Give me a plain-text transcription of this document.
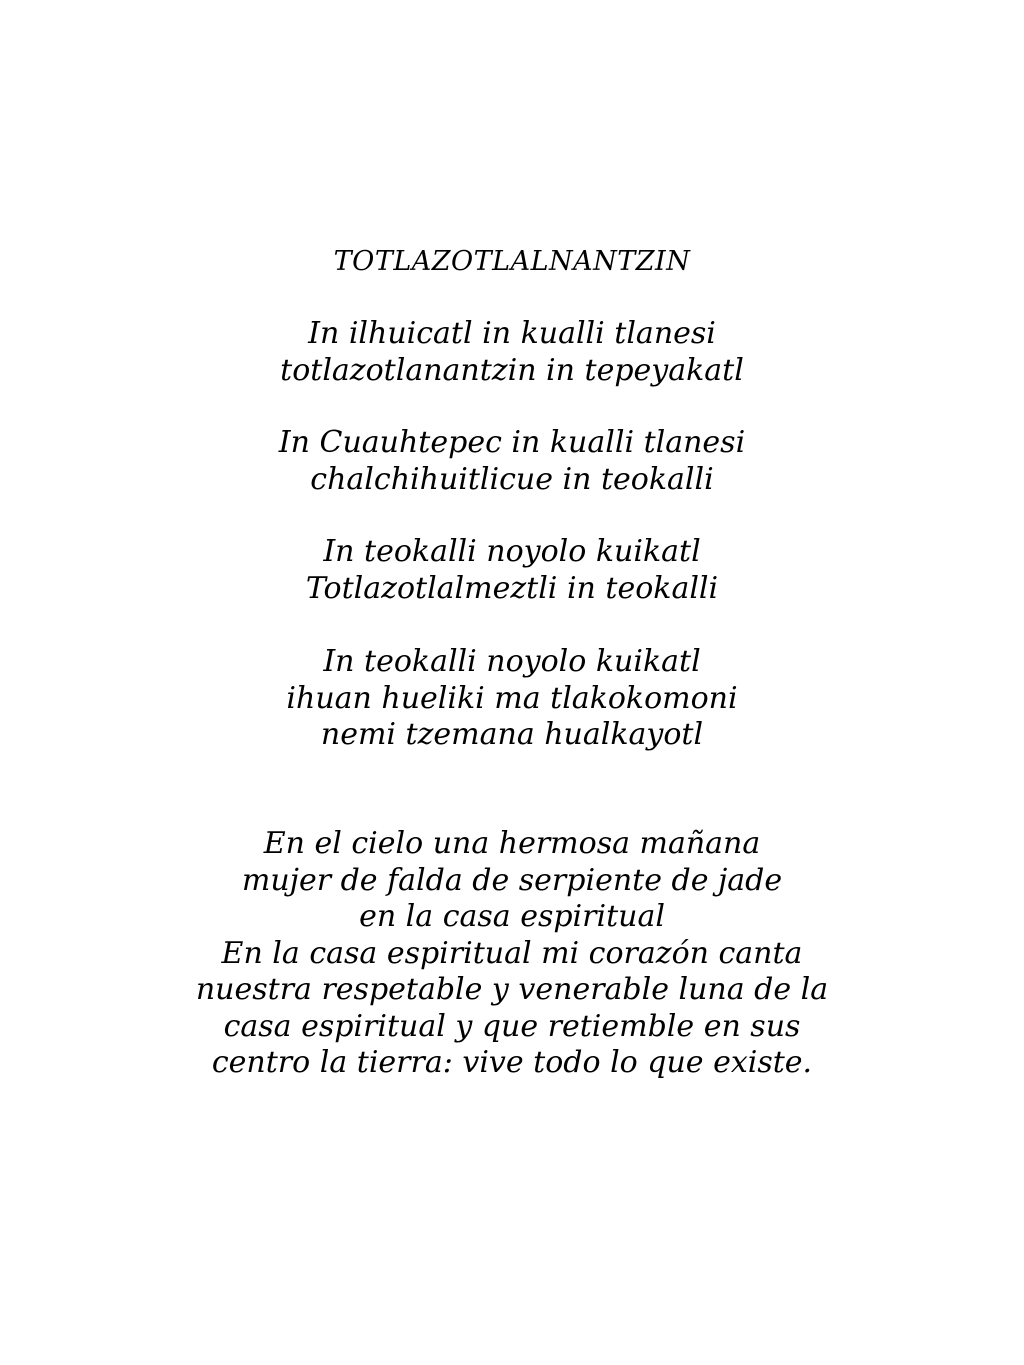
TOTLAZOTLALNANTZIN
In ilhuicatl in kualli tlanesi
totlazotlanantzin in tepeyakatl
In Cuauhtepec in kualli tlanesi
chalchihuitlicue in teokalli
In teokalli noyolo kuikatl
Totlazotlalmeztli in teokalli
In teokalli noyolo kuikatl
ihuan hueliki ma tlakokomoni
nemi tzemana hualkayotl
En el cielo una hermosa mañana
mujer de falda de serpiente de jade
en la casa espiritual
En la casa espiritual mi corazón canta
nuestra respetable y venerable luna de la
casa espiritual y que retiemble en sus
centro la tierra: vive todo lo que existe.
